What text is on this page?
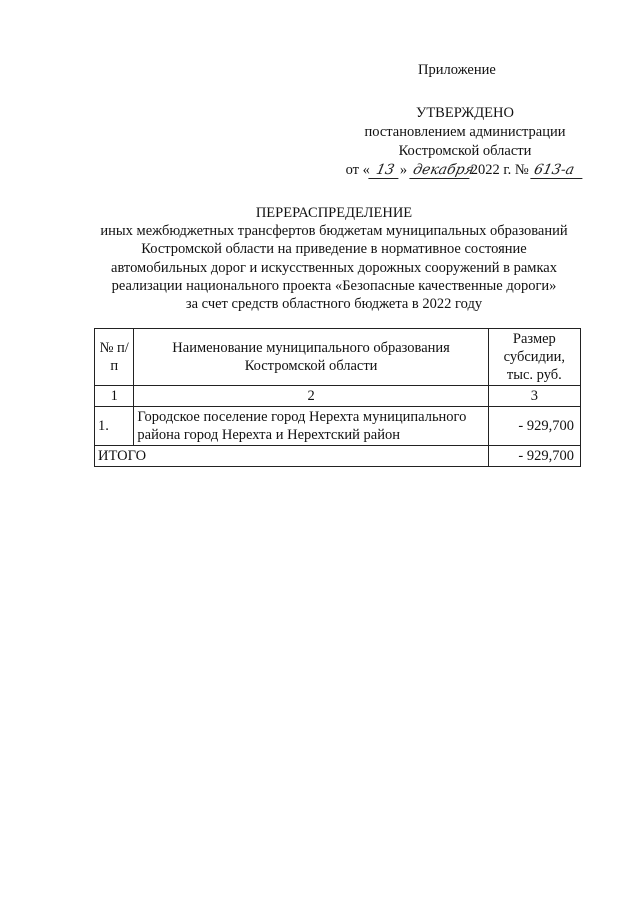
Приложение
УТВЕРЖДЕНО
постановлением администрации
Костромской области
от « 13 » декабря2022 г. № 613-а
ПЕРЕРАСПРЕДЕЛЕНИЕ
иных межбюджетных трансфертов бюджетам муниципальных образований
Костромской области на приведение в нормативное состояние
автомобильных дорог и искусственных дорожных сооружений в рамках
реализации национального проекта «Безопасные качественные дороги»
за счет средств областного бюджета в 2022 году
№ п/п	Наименование муниципального образования Костромской области	Размер субсидии, тыс. руб.
1	2	3
1.	Городское поселение город Нерехта муниципального района город Нерехта и Нерехтский район	- 929,700
ИТОГО		- 929,700
